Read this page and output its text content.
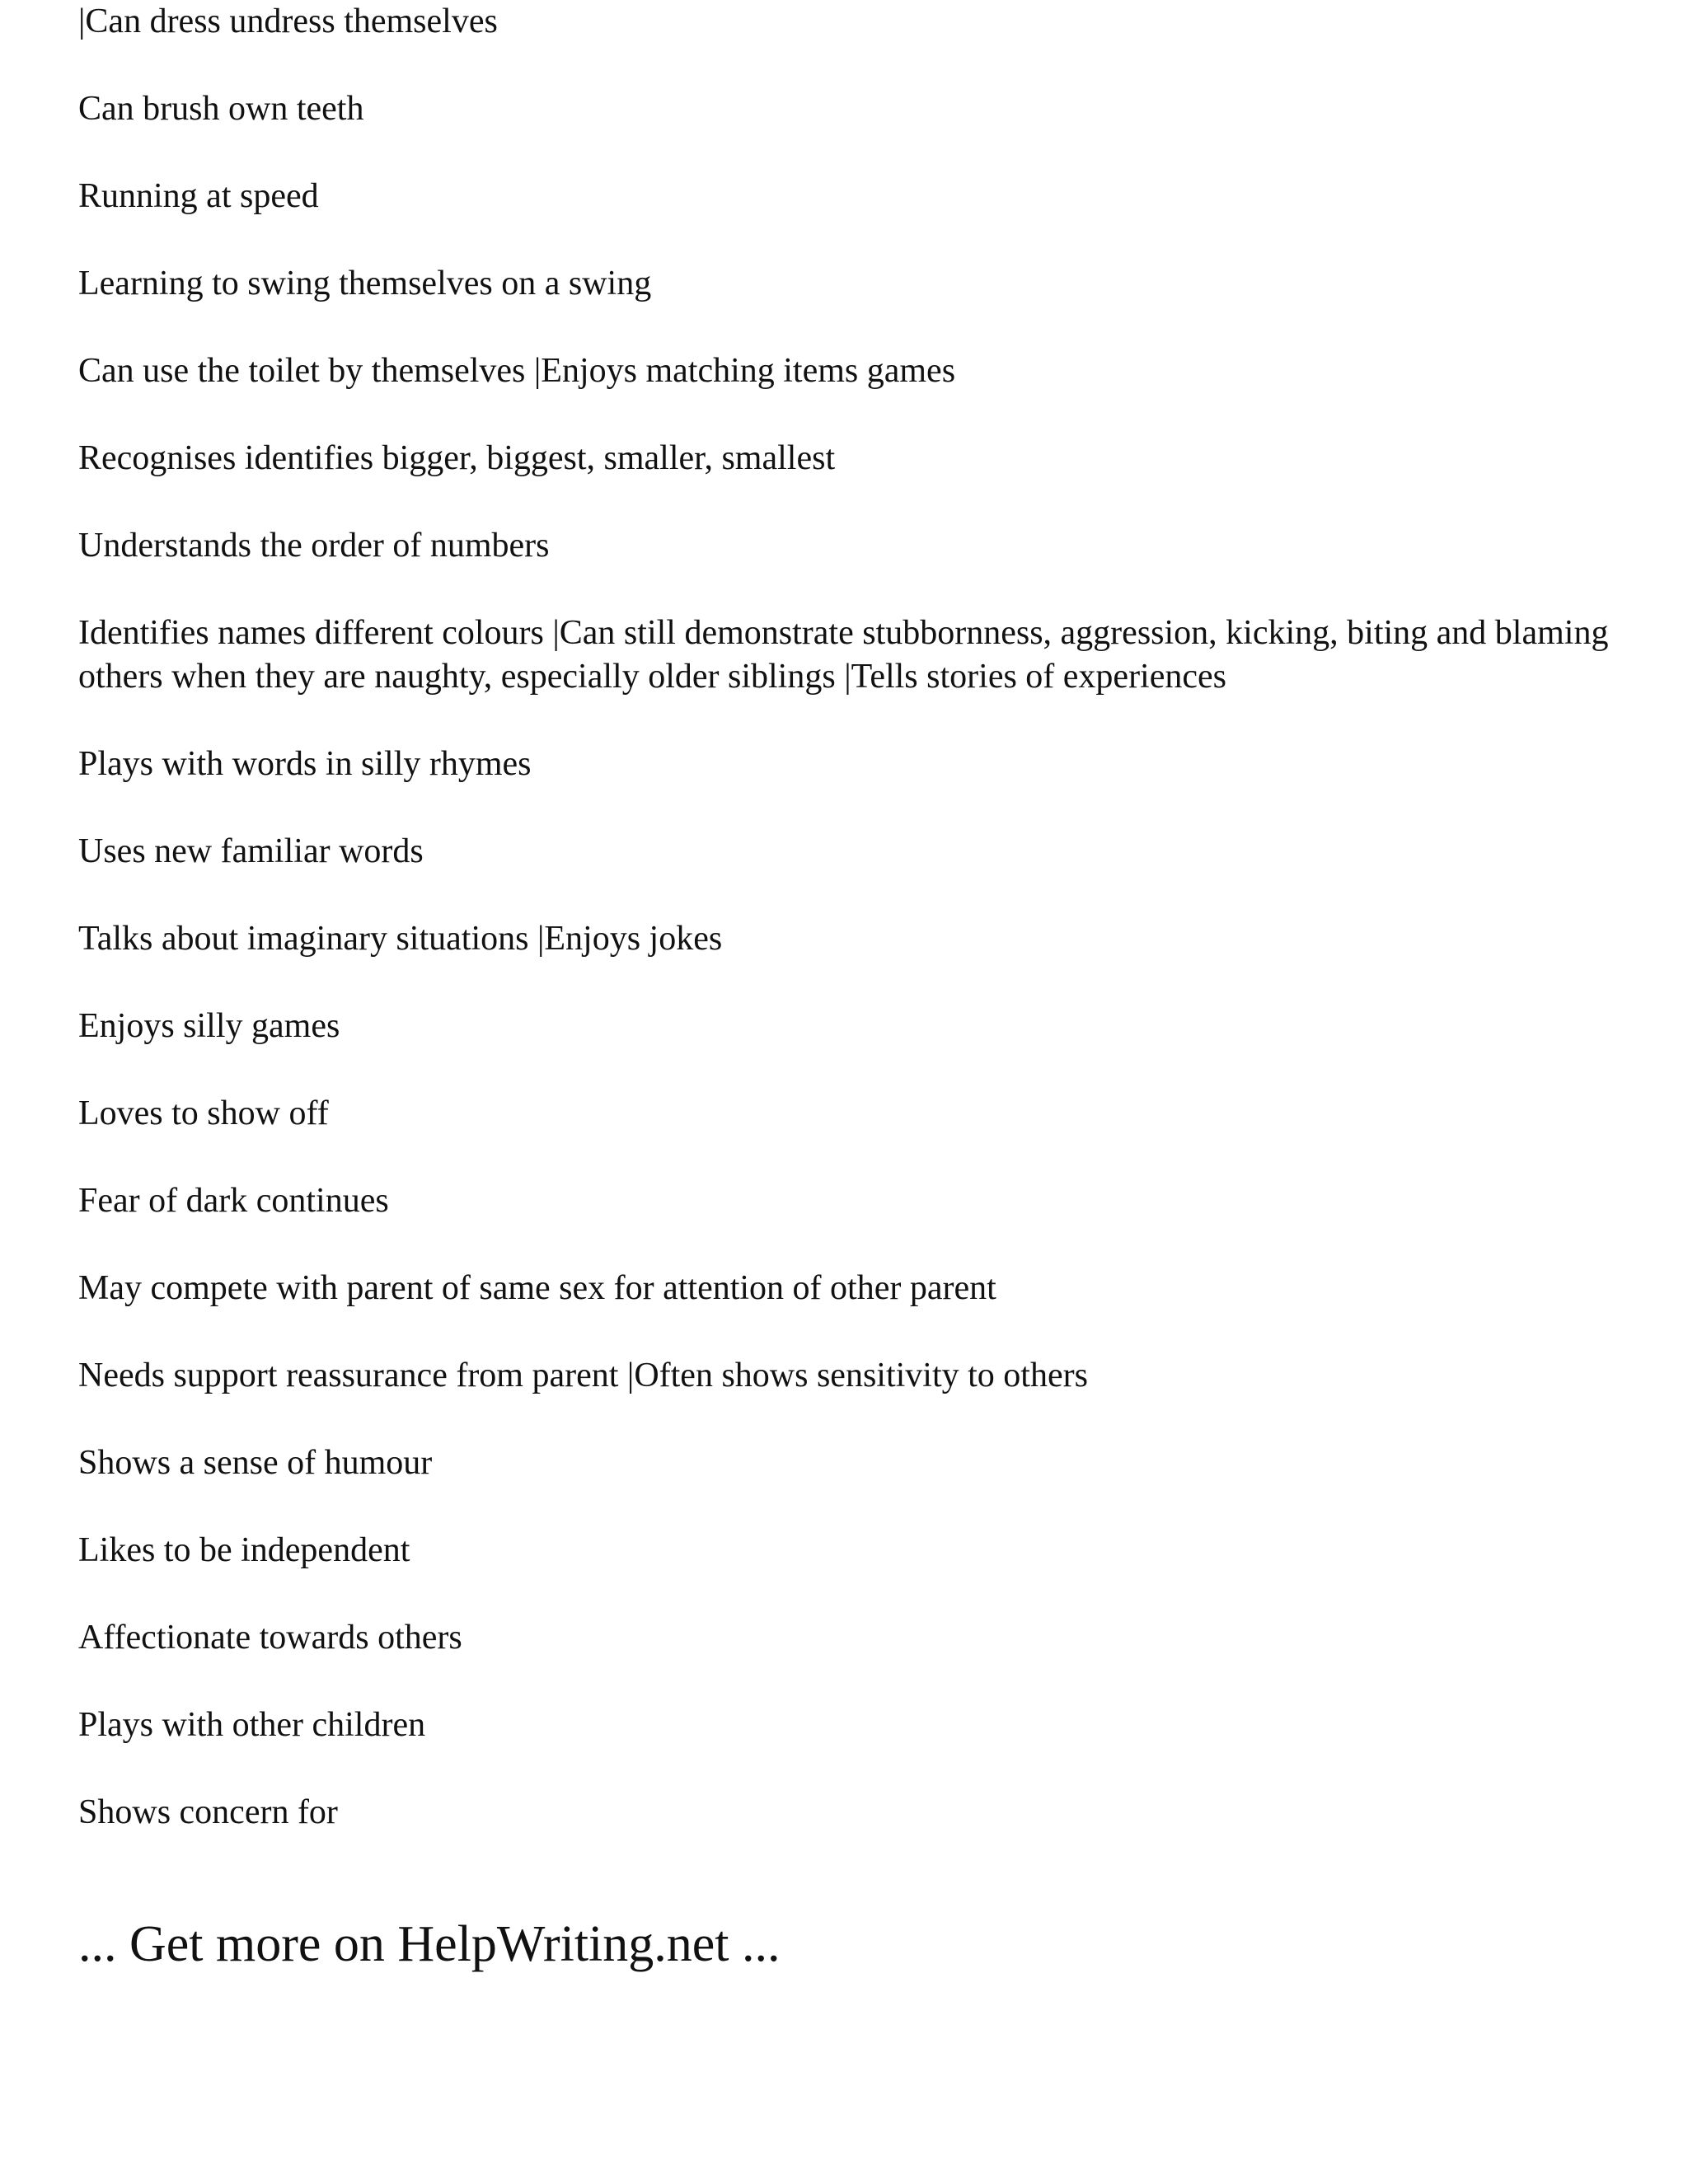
|Can dress undress themselves

Can brush own teeth

Running at speed

Learning to swing themselves on a swing

Can use the toilet by themselves |Enjoys matching items games

Recognises identifies bigger, biggest, smaller, smallest

Understands the order of numbers

Identifies names different colours |Can still demonstrate stubbornness, aggression, kicking, biting and blaming others when they are naughty, especially older siblings |Tells stories of experiences

Plays with words in silly rhymes

Uses new familiar words

Talks about imaginary situations |Enjoys jokes

Enjoys silly games

Loves to show off

Fear of dark continues

May compete with parent of same sex for attention of other parent

Needs support reassurance from parent |Often shows sensitivity to others

Shows a sense of humour

Likes to be independent

Affectionate towards others

Plays with other children

Shows concern for

... Get more on HelpWriting.net ...
